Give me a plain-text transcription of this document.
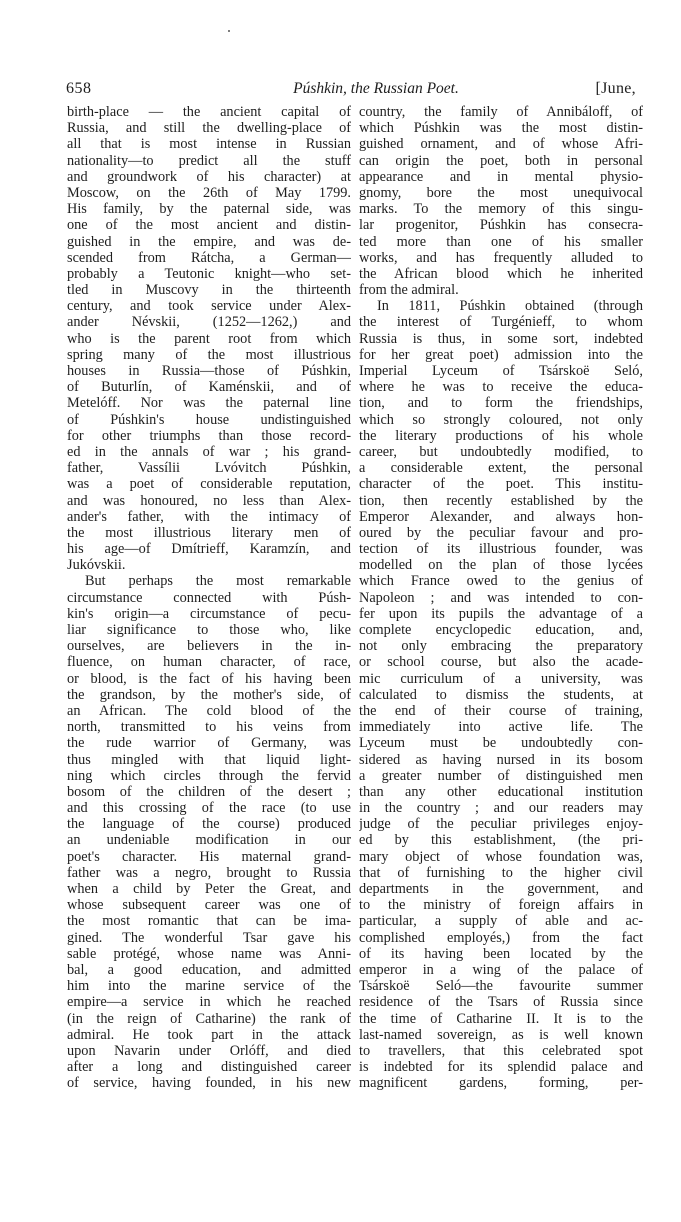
658	Púshkin, the Russian Poet.	[June,
birth-place — the ancient capital of
Russia, and still the dwelling-place of
all that is most intense in Russian
nationality—to predict all the stuff
and groundwork of his character) at
Moscow, on the 26th of May 1799.
His family, by the paternal side, was
one of the most ancient and distin-
guished in the empire, and was de-
scended from Rátcha, a German—
probably a Teutonic knight—who set-
tled in Muscovy in the thirteenth
century, and took service under Alex-
ander Névskii, (1252—1262,) and
who is the parent root from which
spring many of the most illustrious
houses in Russia—those of Púshkin,
of Buturlín, of Kaménskii, and of
Metelóff. Nor was the paternal line
of Púshkin's house undistinguished
for other triumphs than those record-
ed in the annals of war ; his grand-
father, Vassílii Lvóvitch Púshkin,
was a poet of considerable reputation,
and was honoured, no less than Alex-
ander's father, with the intimacy of
the most illustrious literary men of
his age—of Dmítrieff, Karamzín, and
Jukóvskii.
But perhaps the most remarkable
circumstance connected with Púsh-
kin's origin—a circumstance of pecu-
liar significance to those who, like
ourselves, are believers in the in-
fluence, on human character, of race,
or blood, is the fact of his having been
the grandson, by the mother's side, of
an African. The cold blood of the
north, transmitted to his veins from
the rude warrior of Germany, was
thus mingled with that liquid light-
ning which circles through the fervid
bosom of the children of the desert ;
and this crossing of the race (to use
the language of the course) produced
an undeniable modification in our
poet's character. His maternal grand-
father was a negro, brought to Russia
when a child by Peter the Great, and
whose subsequent career was one of
the most romantic that can be ima-
gined. The wonderful Tsar gave his
sable protégé, whose name was Anni-
bal, a good education, and admitted
him into the marine service of the
empire—a service in which he reached
(in the reign of Catharine) the rank of
admiral. He took part in the attack
upon Navarin under Orlóff, and died
after a long and distinguished career
of service, having founded, in his new
country, the family of Annibáloff, of
which Púshkin was the most distin-
guished ornament, and of whose Afri-
can origin the poet, both in personal
appearance and in mental physio-
gnomy, bore the most unequivocal
marks. To the memory of this singu-
lar progenitor, Púshkin has consecra-
ted more than one of his smaller
works, and has frequently alluded to
the African blood which he inherited
from the admiral.
In 1811, Púshkin obtained (through
the interest of Turgénieff, to whom
Russia is thus, in some sort, indebted
for her great poet) admission into the
Imperial Lyceum of Tsárskoë Seló,
where he was to receive the educa-
tion, and to form the friendships,
which so strongly coloured, not only
the literary productions of his whole
career, but undoubtedly modified, to
a considerable extent, the personal
character of the poet. This institu-
tion, then recently established by the
Emperor Alexander, and always hon-
oured by the peculiar favour and pro-
tection of its illustrious founder, was
modelled on the plan of those lycées
which France owed to the genius of
Napoleon ; and was intended to con-
fer upon its pupils the advantage of a
complete encyclopedic education, and,
not only embracing the preparatory
or school course, but also the acade-
mic curriculum of a university, was
calculated to dismiss the students, at
the end of their course of training,
immediately into active life. The
Lyceum must be undoubtedly con-
sidered as having nursed in its bosom
a greater number of distinguished men
than any other educational institution
in the country ; and our readers may
judge of the peculiar privileges enjoy-
ed by this establishment, (the pri-
mary object of whose foundation was,
that of furnishing to the higher civil
departments in the government, and
to the ministry of foreign affairs in
particular, a supply of able and ac-
complished employés,) from the fact
of its having been located by the
emperor in a wing of the palace of
Tsárskoë Seló—the favourite summer
residence of the Tsars of Russia since
the time of Catharine II. It is to the
last-named sovereign, as is well known
to travellers, that this celebrated spot
is indebted for its splendid palace and
magnificent gardens, forming, per-
